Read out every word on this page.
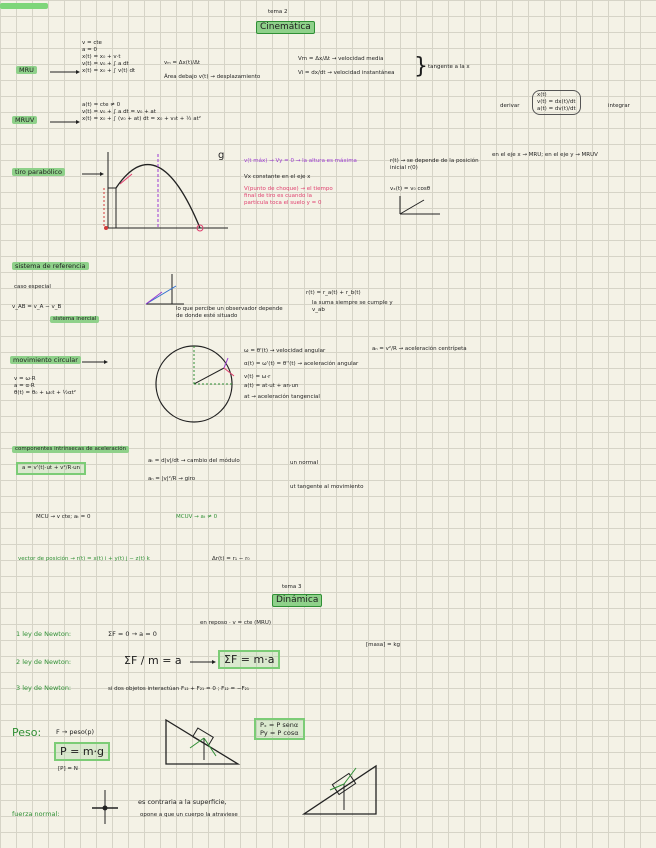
tema 2
Cinemática
MRU
v = cte
a = 0
x(t) = x₀ + v·t
v(t) = v₀ + ∫ a dt
x(t) = x₀ + ∫ v(t) dt
vₘ = Δx(t)/Δt
Área debajo v(t) → desplazamiento
Vm = Δx/Δt → velocidad media
Vi = dx/dt → velocidad instantánea } tangente a la x
derivar
x(t)
v(t) = dx(t)/dt
a(t) = dv(t)/dt	integrar
MRUV
a(t) = cte ≠ 0
v(t) = v₀ + ∫ a dt = v₀ + at
x(t) = x₀ + ∫ (v₀ + at) dt = x₀ + v₀t + ½ at²
tiro parabólico
g	v(t máx) → Vy = 0 → la altura es máxima
Vx constante en el eje x
V(punto de choque) → el tiempo final de tiro es cuando la partícula toca el suelo y = 0
r(t) → se depende de la posición inicial r(0)
vₓ(t) = v₀ cosθ
en el eje x → MRU; en el eje y → MRUV
sistema de referencia
caso especial
v_AB = v_A − v_B
sistema inercial
lo que percibe un observador depende de donde esté situado
r(t) = r_a(t) + r_b(t)
la suma siempre se cumple y v_ab
movimiento circular
v = ω·R
a = α·R
θ(t) = θ₀ + ω₀t + ½αt²
ω = θ'(t) → velocidad angular
α(t) = ω'(t) = θ''(t) → aceleración angular
v(t) = ω·r
a(t) = at·ut + an·un
at → aceleración tangencial
aₙ = v²/R → aceleración centrípeta
componentes intrínsecas de aceleración
a = v'(t)·ut + v²/R·un
aₜ = d|v|/dt → cambio del módulo
aₙ = |v|²/R → giro
un normal
ut tangente al movimiento
MCU → v cte; aₜ = 0	MCUV → aₜ ≠ 0
vector de posición → r(t) = x(t) i + y(t) j − z(t) k	Δr(t) = r₁ − r₀
tema 3
Dinámica
1 ley de Newton:	ΣF = 0 → a = 0
en reposo · v = cte (MRU)
[masa] = kg
2 ley de Newton:	ΣF / m = a	ΣF = m·a
3 ley de Newton:	si dos objetos interactúan F₁₂ + F₂₁ = 0 ; F₁₂ = −F₂₁
Peso: F → peso(p)
P = m·g
[P] = N
Pₓ = P senα
Py = P cosα
fuerza normal:
es contraria a la superficie,
opone a que un cuerpo la atraviese
